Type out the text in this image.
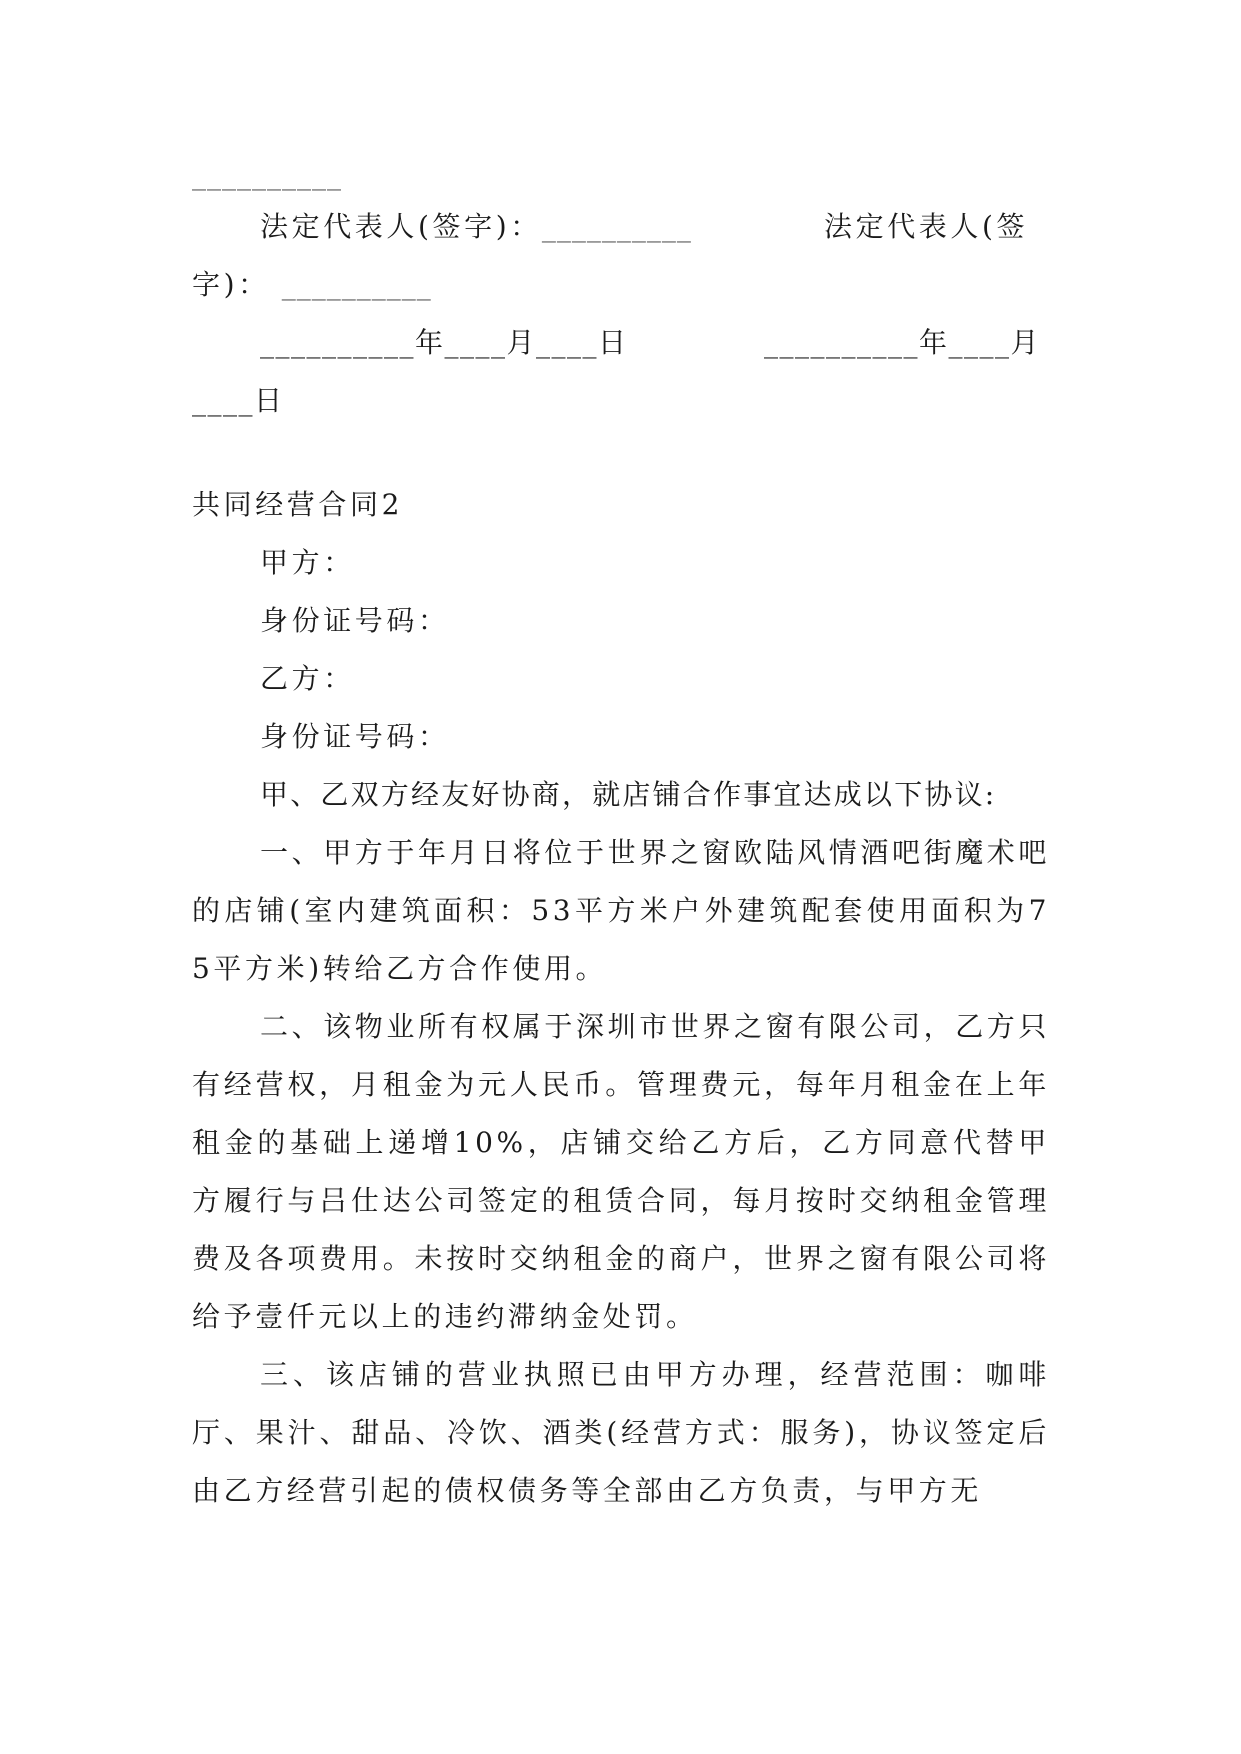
__________
法定代表人(签字)：__________	法定代表人(签
字)： __________
__________年____月____日	__________年____月
____日
共同经营合同2
甲方：
身份证号码：
乙方：
身份证号码：
甲、乙双方经友好协商，就店铺合作事宜达成以下协议:

一、甲方于年月日将位于世界之窗欧陆风情酒吧街魔术吧的店铺(室内建筑面积：53平方米户外建筑配套使用面积为75平方米)转给乙方合作使用。

二、该物业所有权属于深圳市世界之窗有限公司，乙方只有经营权，月租金为元人民币。管理费元，每年月租金在上年租金的基础上递增10%，店铺交给乙方后，乙方同意代替甲方履行与吕仕达公司签定的租赁合同，每月按时交纳租金管理费及各项费用。未按时交纳租金的商户，世界之窗有限公司将给予壹仟元以上的违约滞纳金处罚。

三、该店铺的营业执照已由甲方办理，经营范围：咖啡厅、果汁、甜品、冷饮、酒类(经营方式：服务)，协议签定后由乙方经营引起的债权债务等全部由乙方负责，与甲方无
